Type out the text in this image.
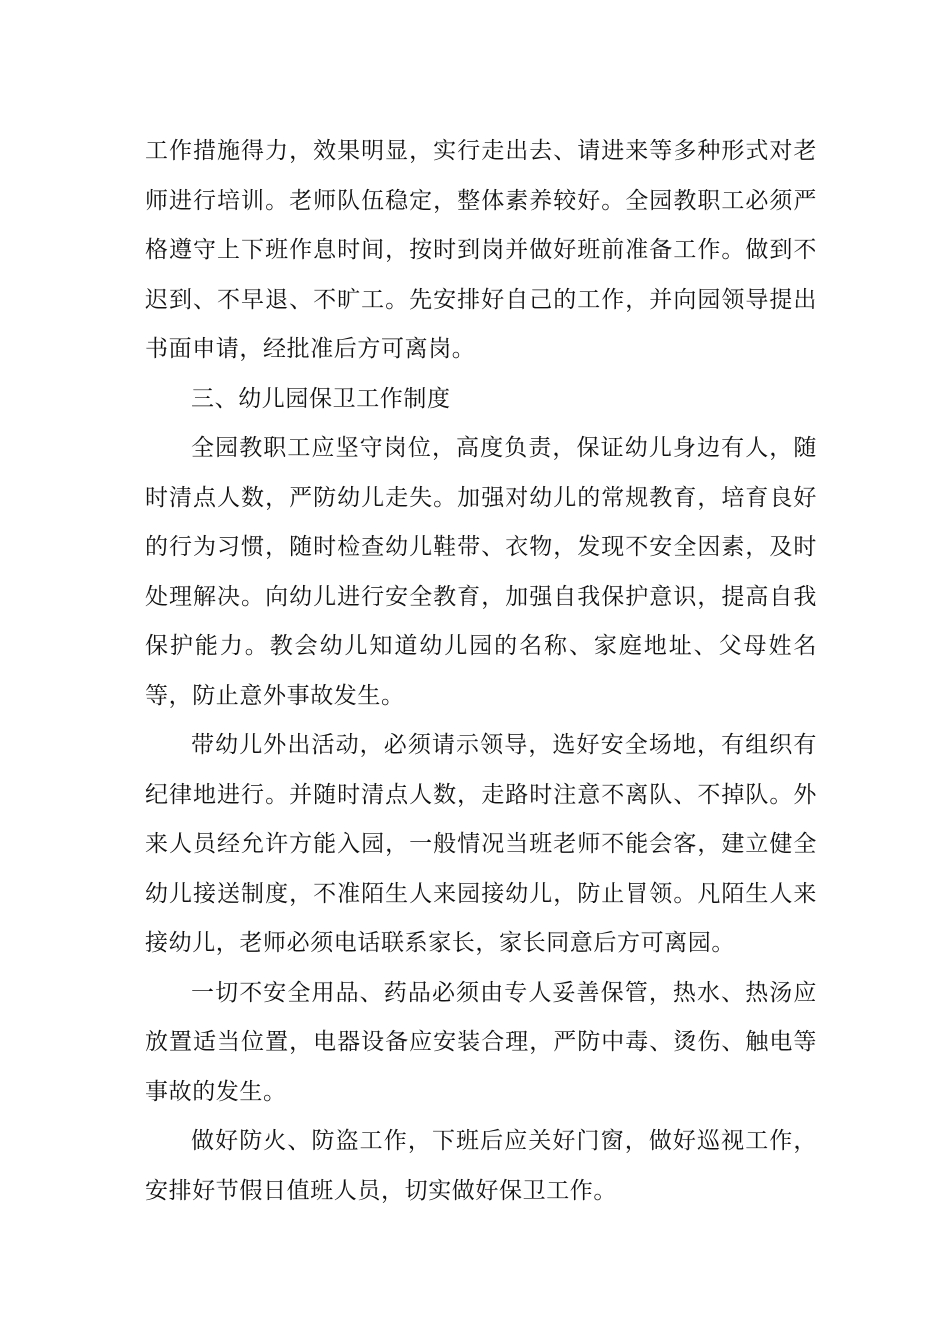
工作措施得力，效果明显，实行走出去、请进来等多种形式对老师进行培训。老师队伍稳定，整体素养较好。全园教职工必须严格遵守上下班作息时间，按时到岗并做好班前准备工作。做到不迟到、不早退、不旷工。先安排好自己的工作，并向园领导提出书面申请，经批准后方可离岗。

三、幼儿园保卫工作制度

全园教职工应坚守岗位，高度负责，保证幼儿身边有人，随时清点人数，严防幼儿走失。加强对幼儿的常规教育，培育良好的行为习惯，随时检查幼儿鞋带、衣物，发现不安全因素，及时处理解决。向幼儿进行安全教育，加强自我保护意识，提高自我保护能力。教会幼儿知道幼儿园的名称、家庭地址、父母姓名等，防止意外事故发生。

带幼儿外出活动，必须请示领导，选好安全场地，有组织有纪律地进行。并随时清点人数，走路时注意不离队、不掉队。外来人员经允许方能入园，一般情况当班老师不能会客，建立健全幼儿接送制度，不准陌生人来园接幼儿，防止冒领。凡陌生人来接幼儿，老师必须电话联系家长，家长同意后方可离园。

一切不安全用品、药品必须由专人妥善保管，热水、热汤应放置适当位置，电器设备应安装合理，严防中毒、烫伤、触电等事故的发生。

做好防火、防盗工作，下班后应关好门窗，做好巡视工作，安排好节假日值班人员，切实做好保卫工作。
